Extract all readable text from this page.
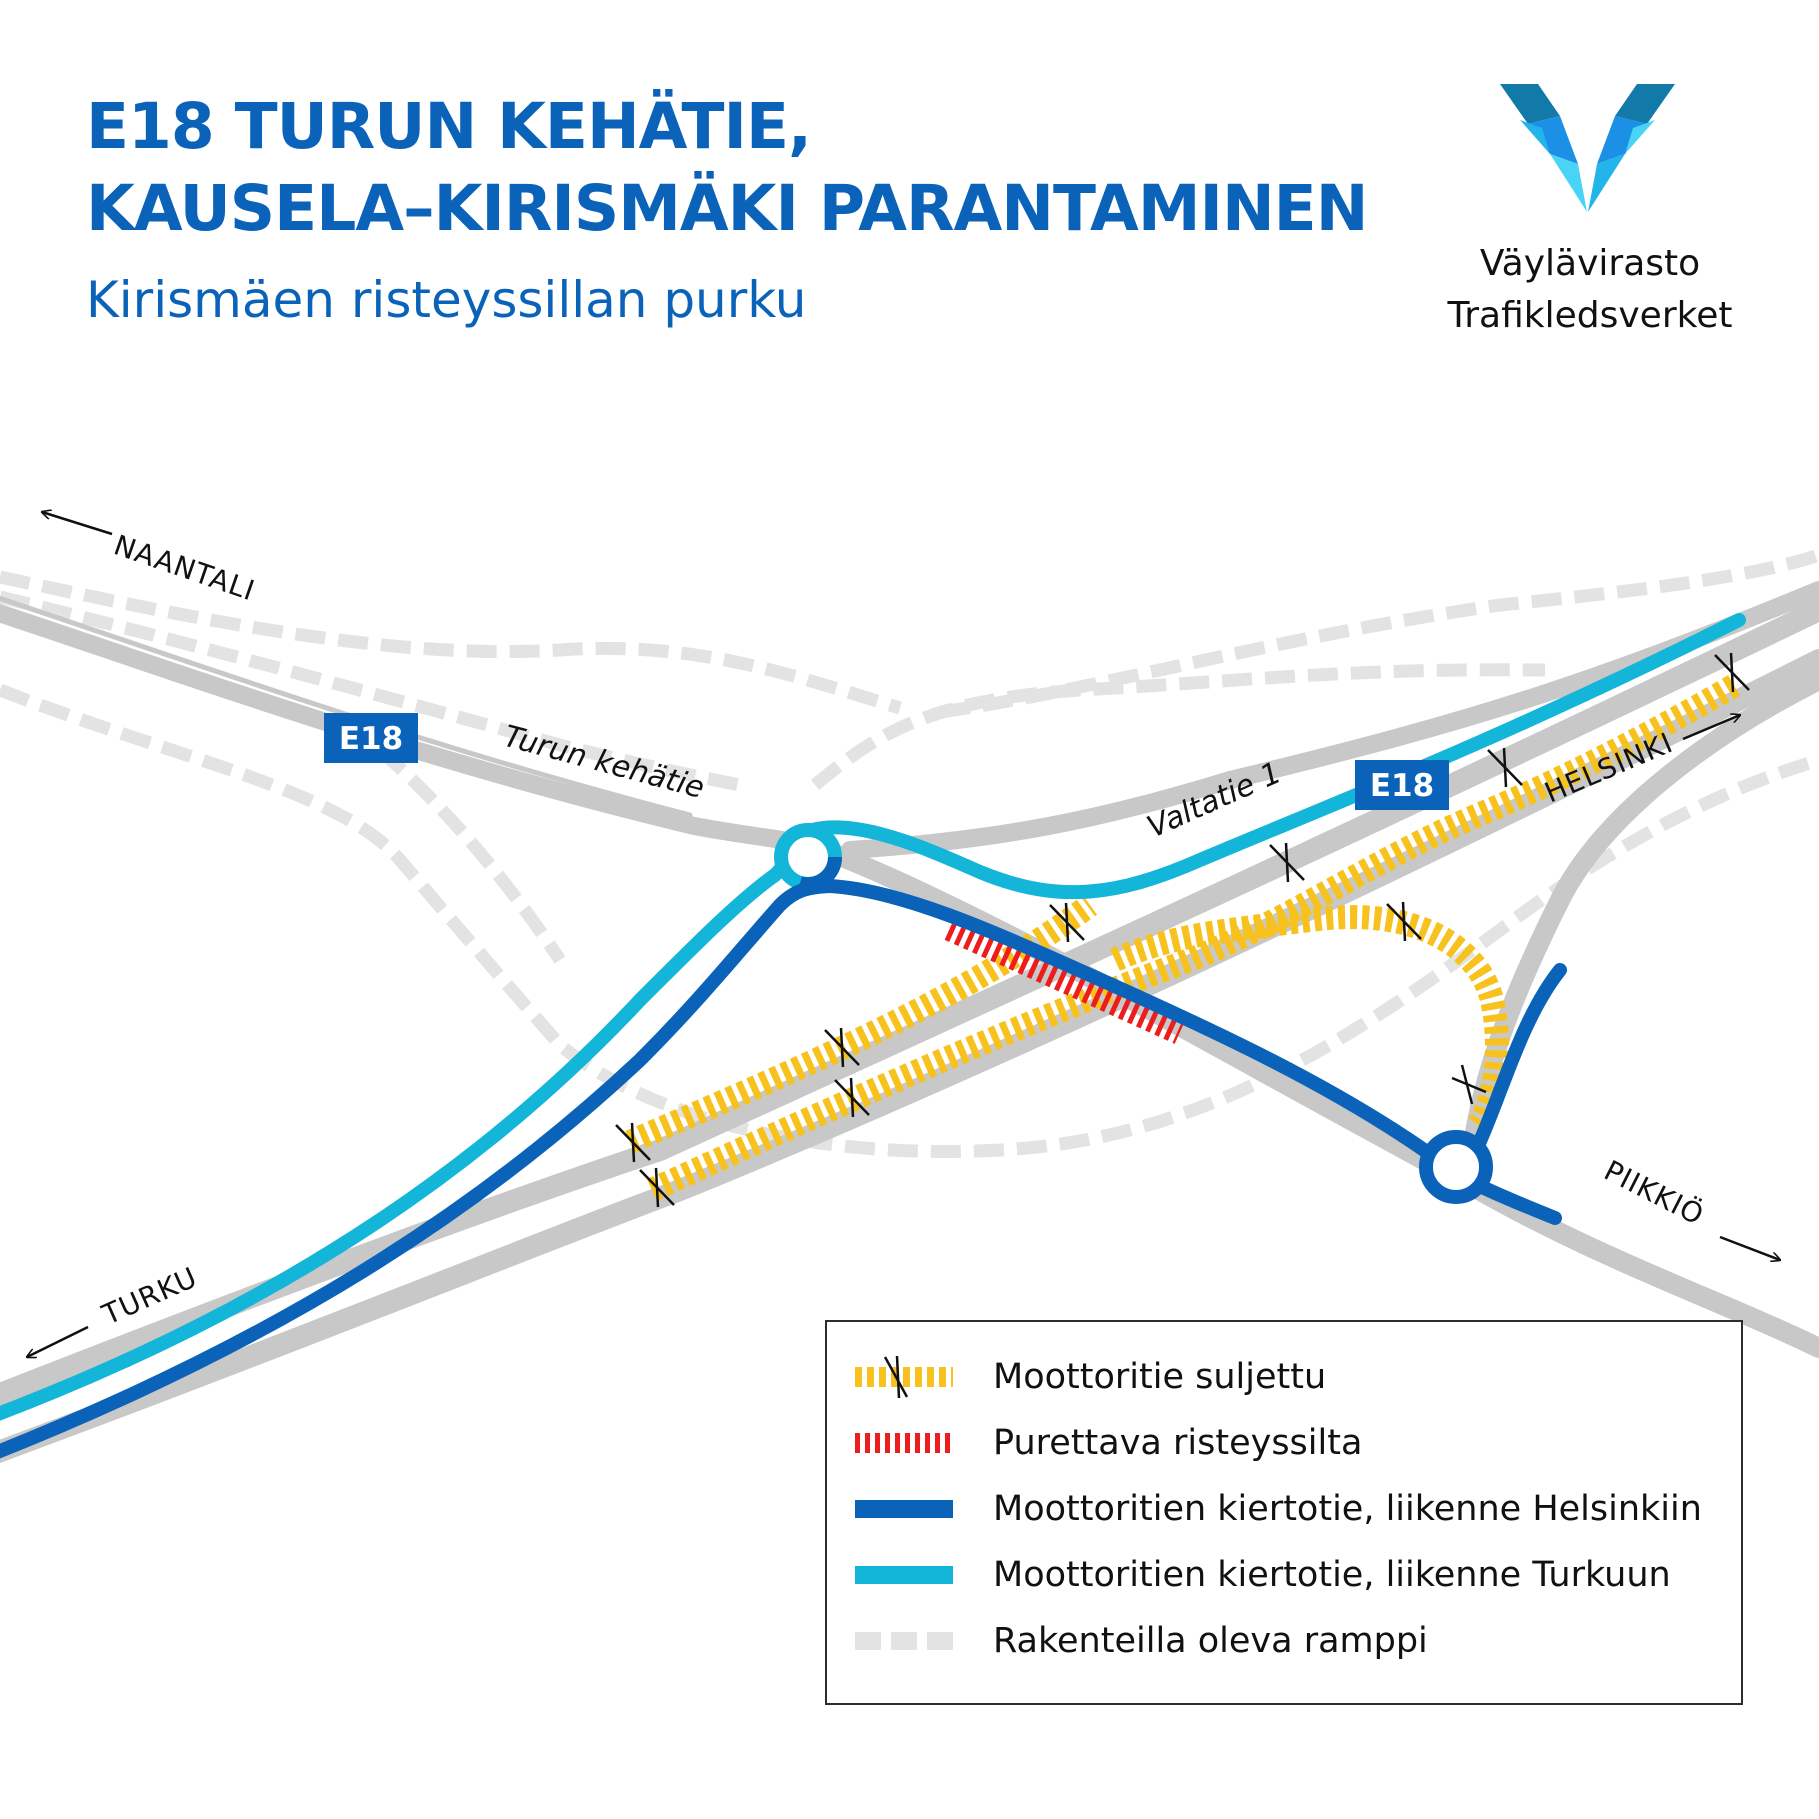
E18
E18
Turun kehätie	Valtatie 1
NAANTALI
HELSINKI
PIIKKIÖ
TURKU
E18 TURUN KEHÄTIE,
KAUSELA–KIRISMÄKI PARANTAMINEN
Kirismäen risteyssillan purku
Väylävirasto
Trafikledsverket
Moottoritie suljettu
Purettava risteyssilta
Moottoritien kiertotie, liikenne Helsinkiin
Moottoritien kiertotie, liikenne Turkuun
Rakenteilla oleva ramppi
